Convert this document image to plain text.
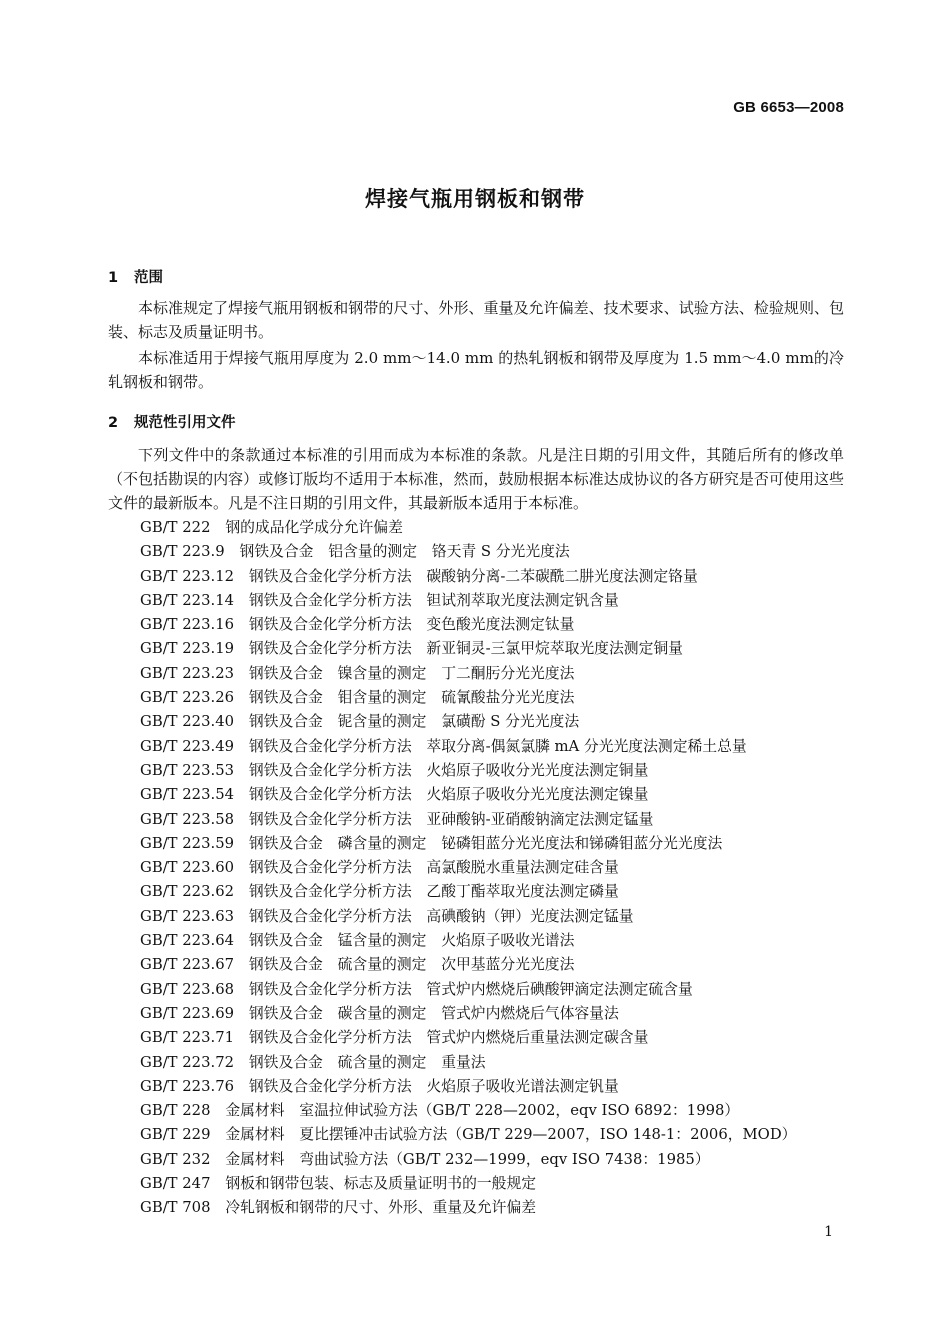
GB 6653—2008
焊接气瓶用钢板和钢带
1 范围
本标准规定了焊接气瓶用钢板和钢带的尺寸、外形、重量及允许偏差、技术要求、试验方法、检验规则、包装、标志及质量证明书。
本标准适用于焊接气瓶用厚度为 2.0 mm～14.0 mm 的热轧钢板和钢带及厚度为 1.5 mm～4.0 mm的冷轧钢板和钢带。
2 规范性引用文件
下列文件中的条款通过本标准的引用而成为本标准的条款。凡是注日期的引用文件，其随后所有的修改单（不包括勘误的内容）或修订版均不适用于本标准，然而，鼓励根据本标准达成协议的各方研究是否可使用这些文件的最新版本。凡是不注日期的引用文件，其最新版本适用于本标准。
GB/T 222　 钢的成品化学成分允许偏差
GB/T 223.9　 钢铁及合金　铝含量的测定　铬天青 S 分光光度法
GB/T 223.12　 钢铁及合金化学分析方法　碳酸钠分离-二苯碳酰二肼光度法测定铬量
GB/T 223.14　 钢铁及合金化学分析方法　钽试剂萃取光度法测定钒含量
GB/T 223.16　 钢铁及合金化学分析方法　变色酸光度法测定钛量
GB/T 223.19　 钢铁及合金化学分析方法　新亚铜灵-三氯甲烷萃取光度法测定铜量
GB/T 223.23　 钢铁及合金　镍含量的测定　丁二酮肟分光光度法
GB/T 223.26　 钢铁及合金　钼含量的测定　硫氰酸盐分光光度法
GB/T 223.40　 钢铁及合金　铌含量的测定　氯磺酚 S 分光光度法
GB/T 223.49　 钢铁及合金化学分析方法　萃取分离-偶氮氯膦 mA 分光光度法测定稀土总量
GB/T 223.53　 钢铁及合金化学分析方法　火焰原子吸收分光光度法测定铜量
GB/T 223.54　 钢铁及合金化学分析方法　火焰原子吸收分光光度法测定镍量
GB/T 223.58　 钢铁及合金化学分析方法　亚砷酸钠-亚硝酸钠滴定法测定锰量
GB/T 223.59　 钢铁及合金　磷含量的测定　铋磷钼蓝分光光度法和锑磷钼蓝分光光度法
GB/T 223.60　 钢铁及合金化学分析方法　高氯酸脱水重量法测定硅含量
GB/T 223.62　 钢铁及合金化学分析方法　乙酸丁酯萃取光度法测定磷量
GB/T 223.63　 钢铁及合金化学分析方法　高碘酸钠（钾）光度法测定锰量
GB/T 223.64　 钢铁及合金　锰含量的测定　火焰原子吸收光谱法
GB/T 223.67　 钢铁及合金　硫含量的测定　次甲基蓝分光光度法
GB/T 223.68　 钢铁及合金化学分析方法　管式炉内燃烧后碘酸钾滴定法测定硫含量
GB/T 223.69　 钢铁及合金　碳含量的测定　管式炉内燃烧后气体容量法
GB/T 223.71　 钢铁及合金化学分析方法　管式炉内燃烧后重量法测定碳含量
GB/T 223.72　 钢铁及合金　硫含量的测定　重量法
GB/T 223.76　 钢铁及合金化学分析方法　火焰原子吸收光谱法测定钒量
GB/T 228　 金属材料　室温拉伸试验方法（GB/T 228—2002，eqv ISO 6892：1998）
GB/T 229　 金属材料　夏比摆锤冲击试验方法（GB/T 229—2007，ISO 148-1：2006，MOD）
GB/T 232　 金属材料　弯曲试验方法（GB/T 232—1999，eqv ISO 7438：1985）
GB/T 247　 钢板和钢带包装、标志及质量证明书的一般规定
GB/T 708　 冷轧钢板和钢带的尺寸、外形、重量及允许偏差
1
